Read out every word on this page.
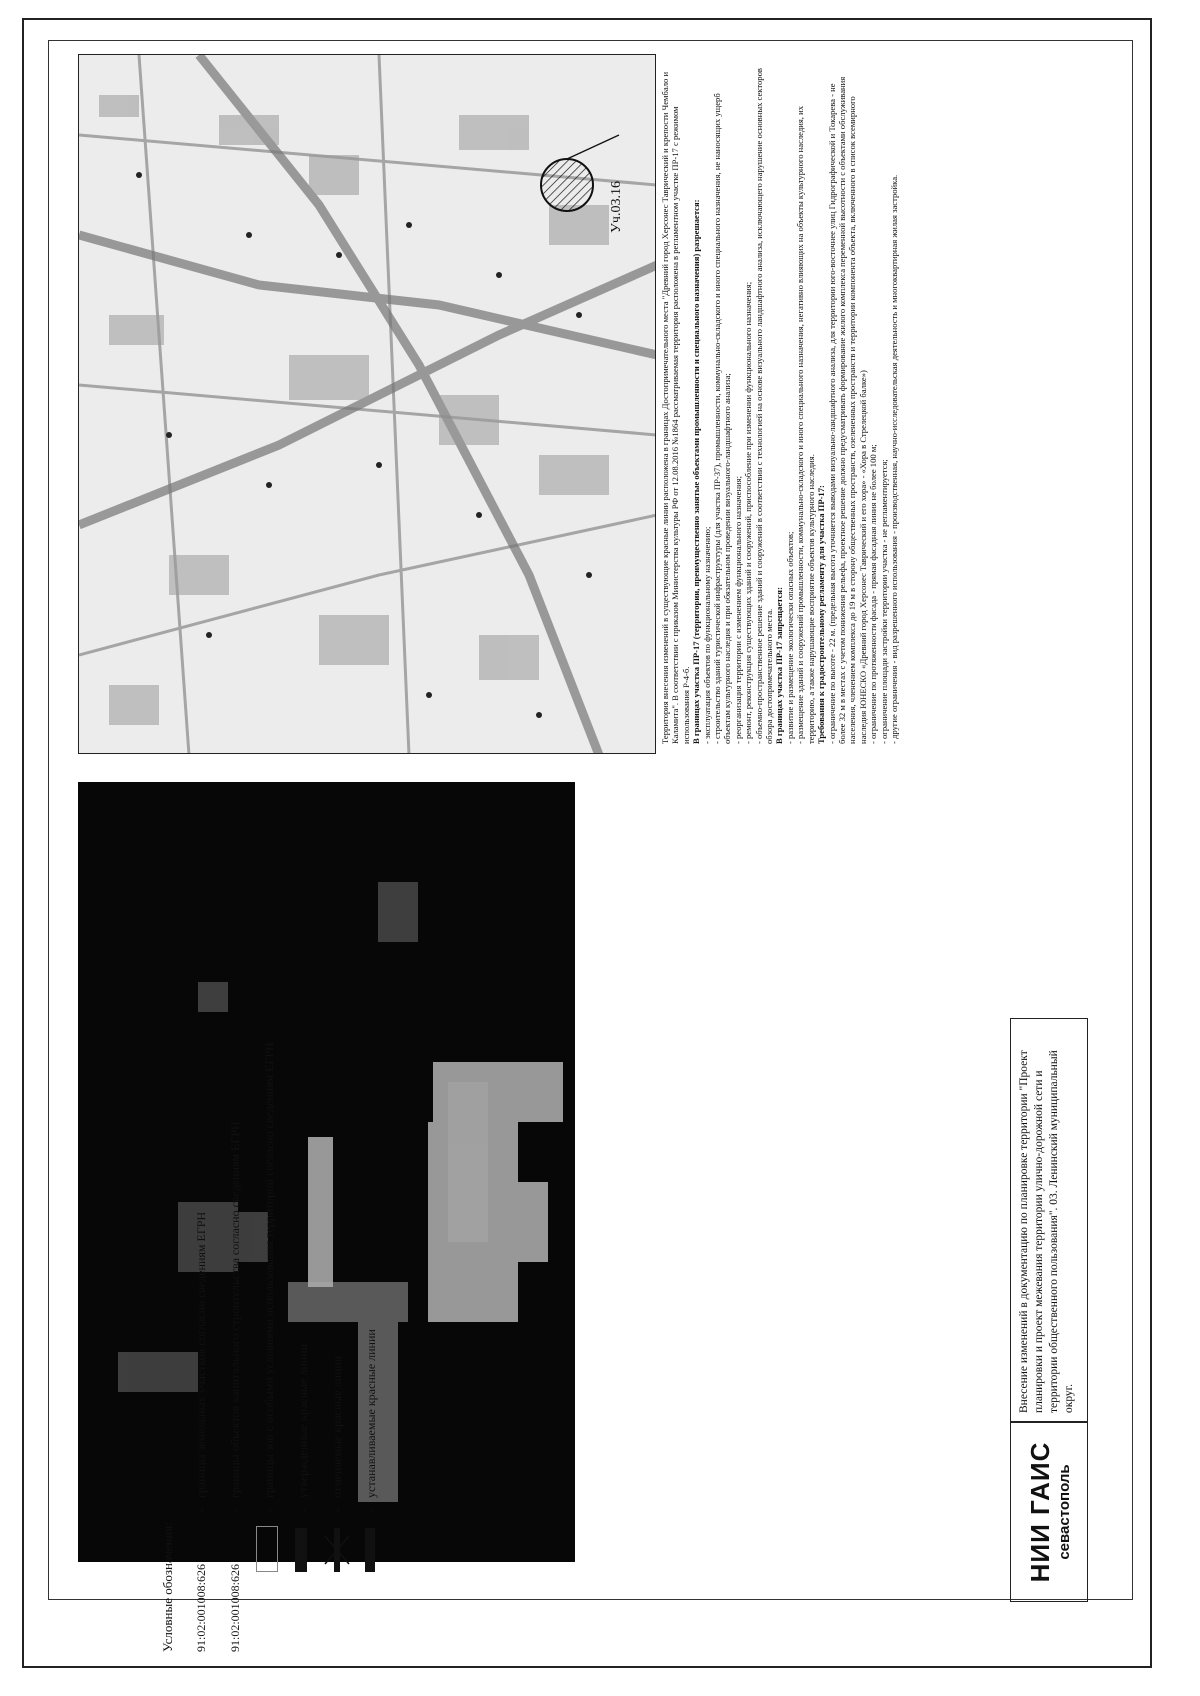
Уч.03.16	Территория внесения изменений в существующие красные линии расположена в границах Достопримечательного места "Древний город Херсонес Таврический и крепости Чембало и Каламита". В соответствии с приказом Министерства культуры РФ от 12.08.2016 №1864 рассматриваемая территория расположена в регламентном участке ПР-17 с режимом использования Р-4-б. В границах участка ПР-17 (территории, преимущественно занятые объектами промышленности и специального назначения) разрешается: - эксплуатация объектов по функциональному назначению; - строительство зданий туристической инфраструктуры (для участка ПР-37), промышленности, коммунально-складского и иного специального назначения, не наносящих ущерб объектам культурного наследия и при обязательном проведении визуального-ландшафтного анализа; - реорганизация территории с изменением функционального назначения; - ремонт, реконструкция существующих зданий и сооружений, приспособление при изменении функционального назначения; - объемно-пространственное решение зданий и сооружений в соответствии с технологией на основе визуального ландшафтного анализа, исключающего нарушение основных секторов обзора достопримечательного места. В границах участка ПР-17 запрещается: - развитие и размещение экологически опасных объектов; - размещение зданий и сооружений промышленности, коммунально-складского и иного специального назначения, негативно влияющих на объекты культурного наследия, их территорию, а также нарушающие восприятие объектов культурного наследия. Требования к градостроительному регламенту для участка ПР-17: - ограничение по высоте - 22 м. (предельная высота уточняется выводами визуально-ландшафтного анализа, для территории юго-восточнее улиц Гидрографической и Токарева - не более 32 м в местах с учетом понижения рельефа, проектное решение должно предусматривать формирование жилого комплекса переменной высотности с объектами обслуживания населения, членением комплекса до 19 м в сторону общественных пространств, озелененных пространств и территории компонента объекта, включенного в список всемирного наследия ЮНЕСКО «Древний город Херсонес Таврический и его хора» - «Хора в Стрелецкой балке») - ограничение по протяженности фасада - прямая фасадная линия не более 100 м; - ограничение площади застройки территории участка - не регламентируется; - другие ограничения - вид разрешенного использования - производственная, научно-исследовательская деятельность и многоквартирная жилая застройка.

Условные обозначения: 91:02:001008:626
-
границы земельных участков согласно сведениям ЕГРН
91:02:001008:626
-
границы объектов капитального строительства согласно сведениям ЕГРН
-
границы зон с особыми условиями использования территорий согласно сведениям ЕГРН
-
утвержденные красные линии
-
отменяемые красные линии
-
устанавливаемые красные линии
НИИ ГАИС севастополь
Внесение изменений в документацию по планировке территории "Проект планировки и проект межевания территории улично-дорожной сети и территории общественного пользования". 03. Ленинский муниципальный округ.
